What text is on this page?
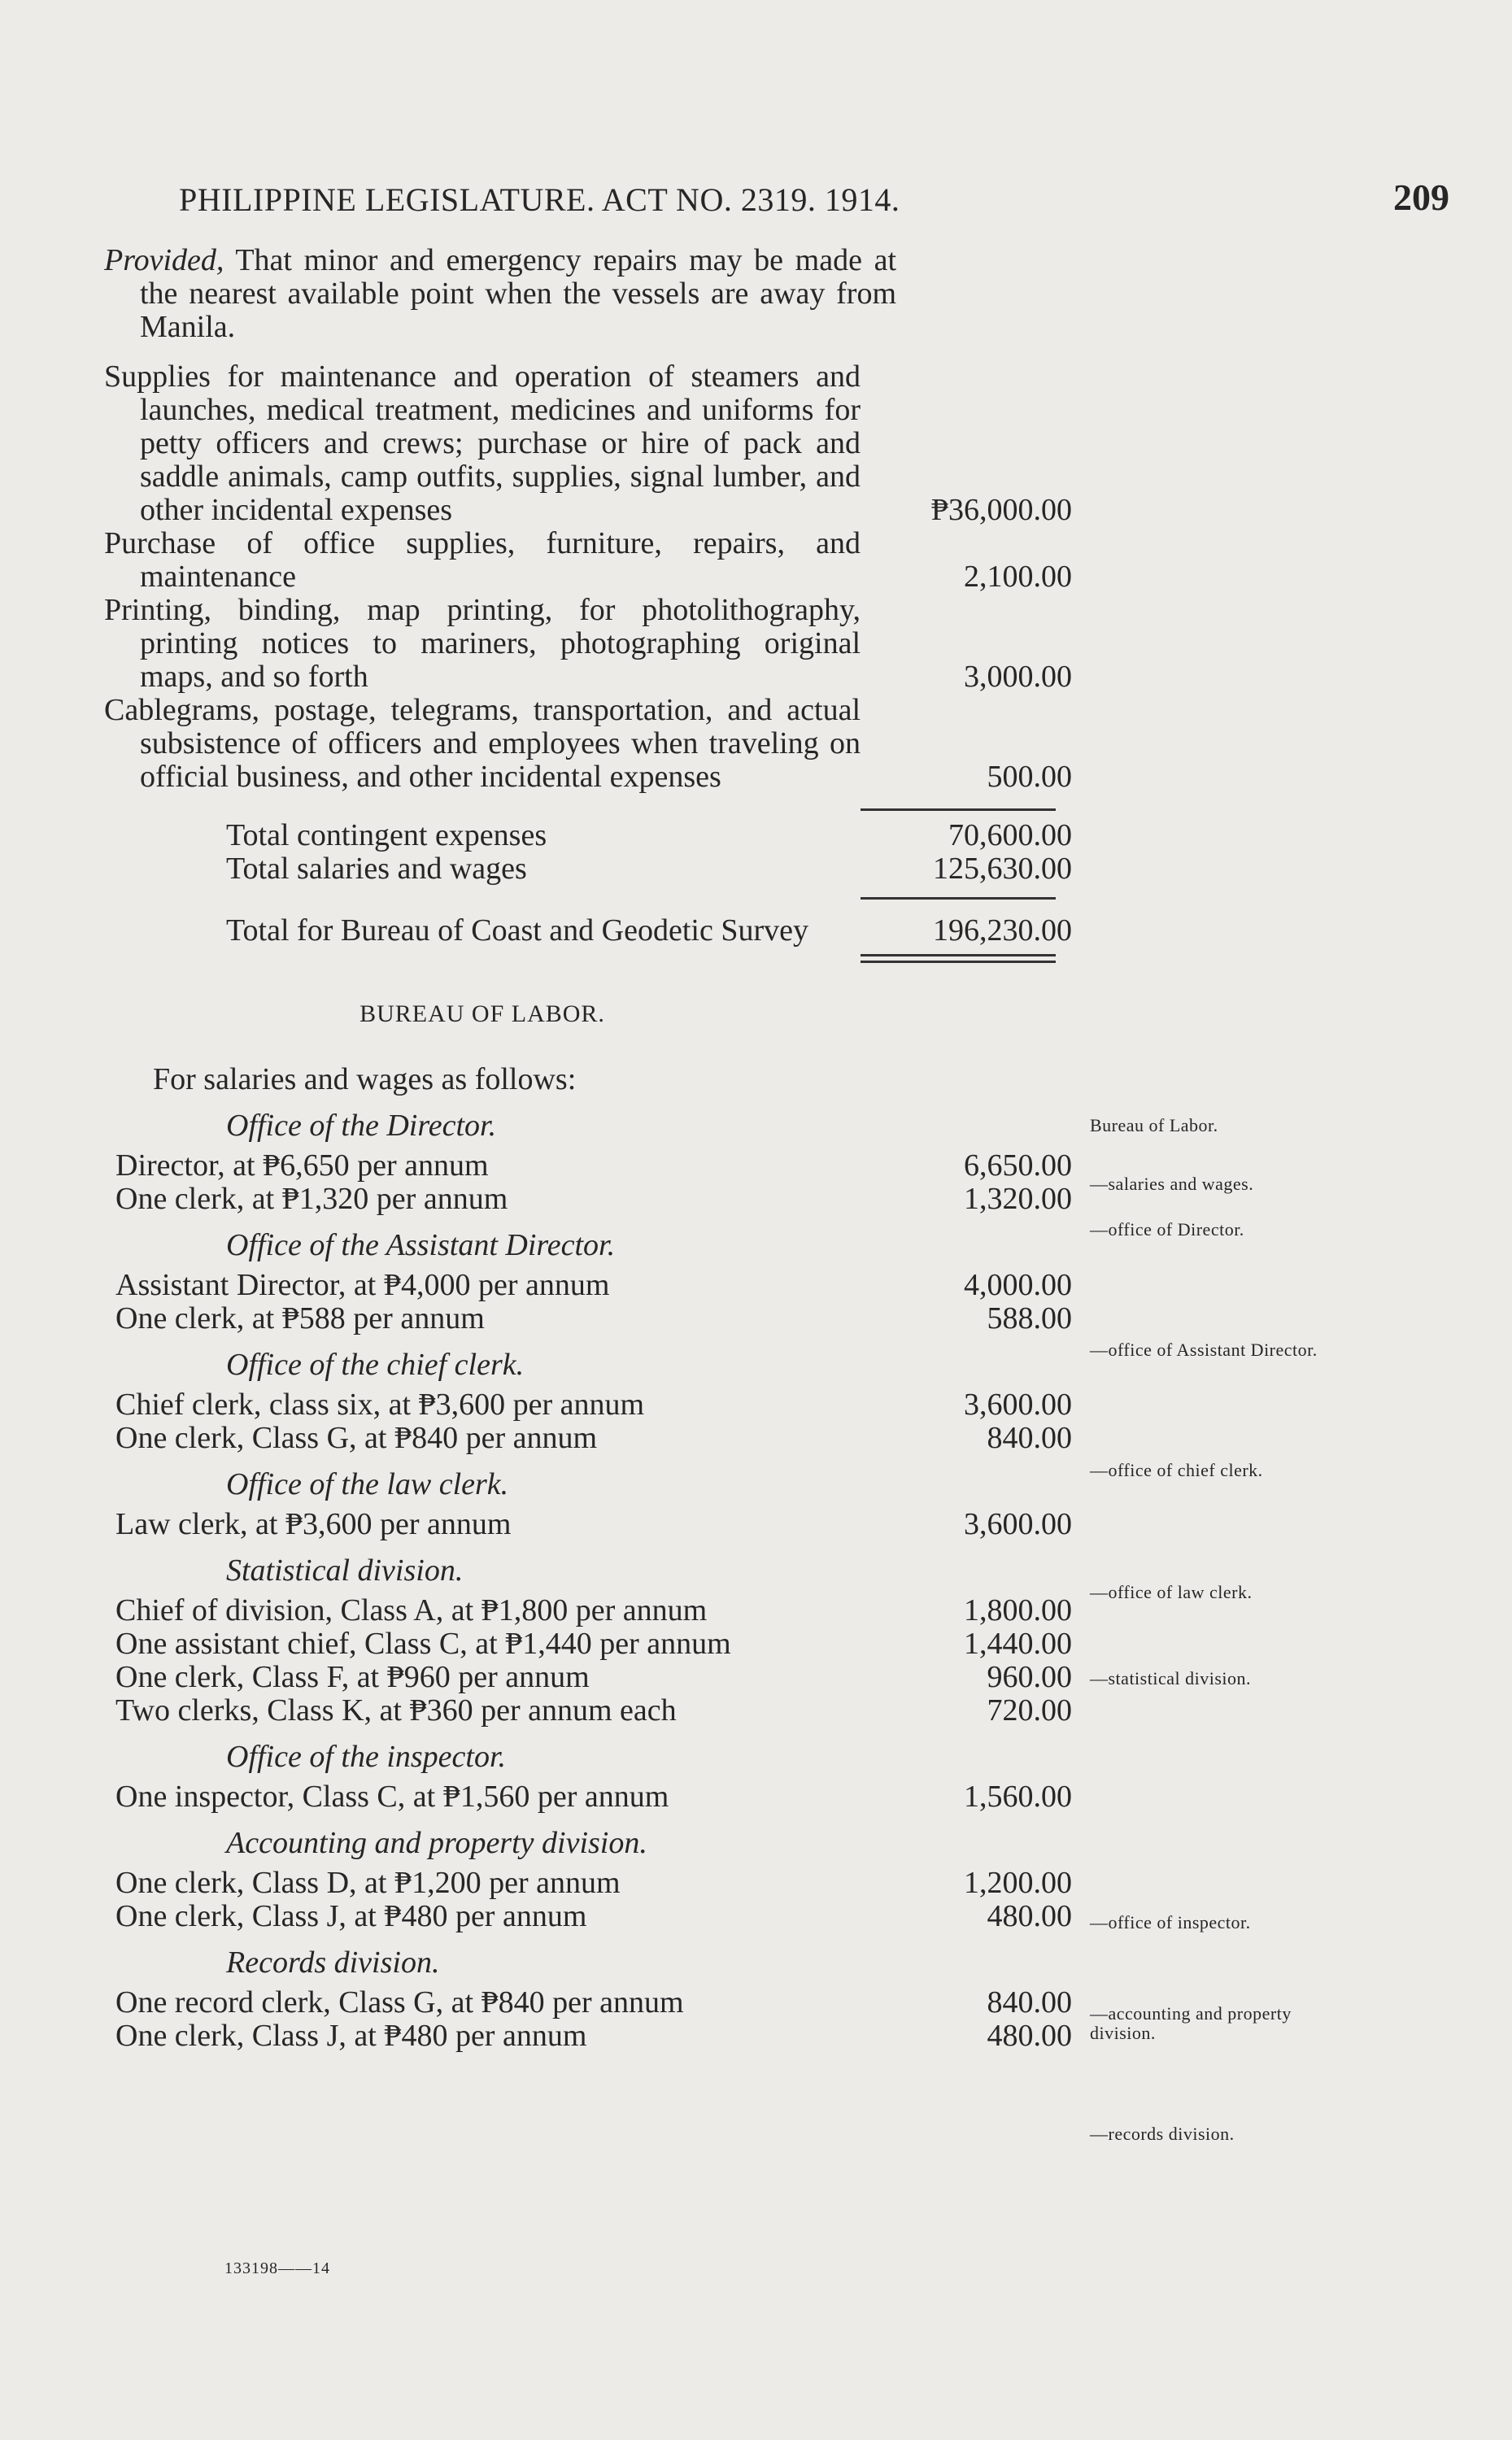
PHILIPPINE LEGISLATURE. ACT NO. 2319. 1914.	209

Provided, That minor and emergency repairs may be made at the nearest available point when the vessels are away from Manila.

Supplies for maintenance and operation of steamers and launches, medical treatment, medicines and uniforms for petty officers and crews; purchase or hire of pack and saddle animals, camp outfits, supplies, signal lumber, and other incidental expenses	₱36,000.00
Purchase of office supplies, furniture, repairs, and maintenance	2,100.00
Printing, binding, map printing, for photolithography, printing notices to mariners, photographing original maps, and so forth	3,000.00
Cablegrams, postage, telegrams, transportation, and actual subsistence of officers and employees when traveling on official business, and other incidental expenses	500.00
Total contingent expenses	70,600.00
Total salaries and wages	125,630.00
Total for Bureau of Coast and Geodetic Survey	196,230.00
BUREAU OF LABOR.
For salaries and wages as follows:
Office of the Director.
Director, at ₱6,650 per annum	6,650.00
One clerk, at ₱1,320 per annum	1,320.00
Office of the Assistant Director.
Assistant Director, at ₱4,000 per annum	4,000.00
One clerk, at ₱588 per annum	588.00
Office of the chief clerk.
Chief clerk, class six, at ₱3,600 per annum	3,600.00
One clerk, Class G, at ₱840 per annum	840.00
Office of the law clerk.
Law clerk, at ₱3,600 per annum	3,600.00
Statistical division.
Chief of division, Class A, at ₱1,800 per annum	1,800.00
One assistant chief, Class C, at ₱1,440 per annum	1,440.00
One clerk, Class F, at ₱960 per annum	960.00
Two clerks, Class K, at ₱360 per annum each	720.00
Office of the inspector.
One inspector, Class C, at ₱1,560 per annum	1,560.00
Accounting and property division.
One clerk, Class D, at ₱1,200 per annum	1,200.00
One clerk, Class J, at ₱480 per annum	480.00
Records division.
One record clerk, Class G, at ₱840 per annum	840.00
One clerk, Class J, at ₱480 per annum	480.00
Bureau of Labor.
—salaries and wages.
—office of Director.
—office of Assistant Director.
—office of chief clerk.
—office of law clerk.
—statistical division.
—office of inspector.
—accounting and property division.
—records division.
133198——14
